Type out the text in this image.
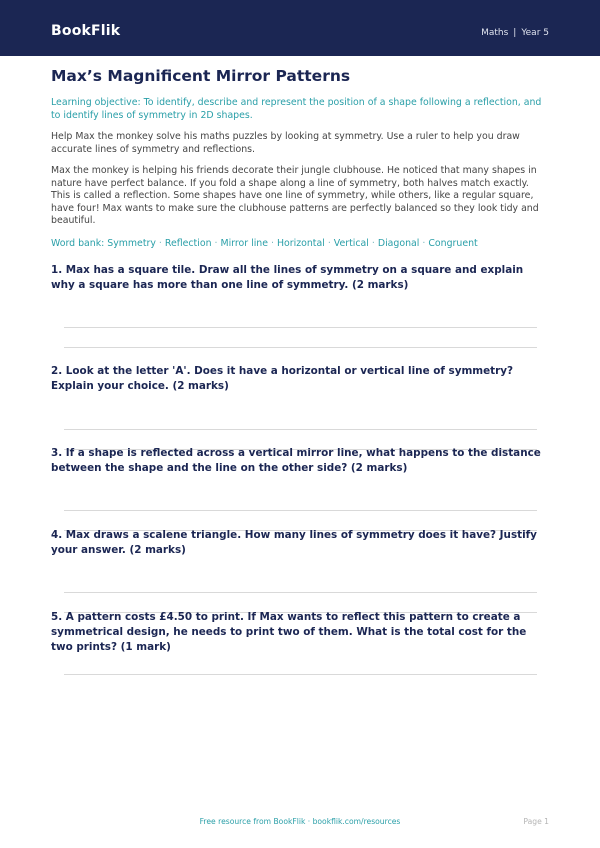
BookFlik	Maths | Year 5
Max’s Magnificent Mirror Patterns

Learning objective: To identify, describe and represent the position of a shape following a reflection, and to identify lines of symmetry in 2D shapes.

Help Max the monkey solve his maths puzzles by looking at symmetry. Use a ruler to help you draw accurate lines of symmetry and reflections.

Max the monkey is helping his friends decorate their jungle clubhouse. He noticed that many shapes in nature have perfect balance. If you fold a shape along a line of symmetry, both halves match exactly. This is called a reflection. Some shapes have one line of symmetry, while others, like a regular square, have four! Max wants to make sure the clubhouse patterns are perfectly balanced so they look tidy and beautiful.

Word bank: Symmetry · Reflection · Mirror line · Horizontal · Vertical · Diagonal · Congruent

1. Max has a square tile. Draw all the lines of symmetry on a square and explain why a square has more than one line of symmetry. (2 marks)

2. Look at the letter 'A'. Does it have a horizontal or vertical line of symmetry? Explain your choice. (2 marks)

3. If a shape is reflected across a vertical mirror line, what happens to the distance between the shape and the line on the other side? (2 marks)

4. Max draws a scalene triangle. How many lines of symmetry does it have? Justify your answer. (2 marks)

5. A pattern costs £4.50 to print. If Max wants to reflect this pattern to create a symmetrical design, he needs to print two of them. What is the total cost for the two prints? (1 mark)

Free resource from BookFlik · bookflik.com/resources	Page 1
